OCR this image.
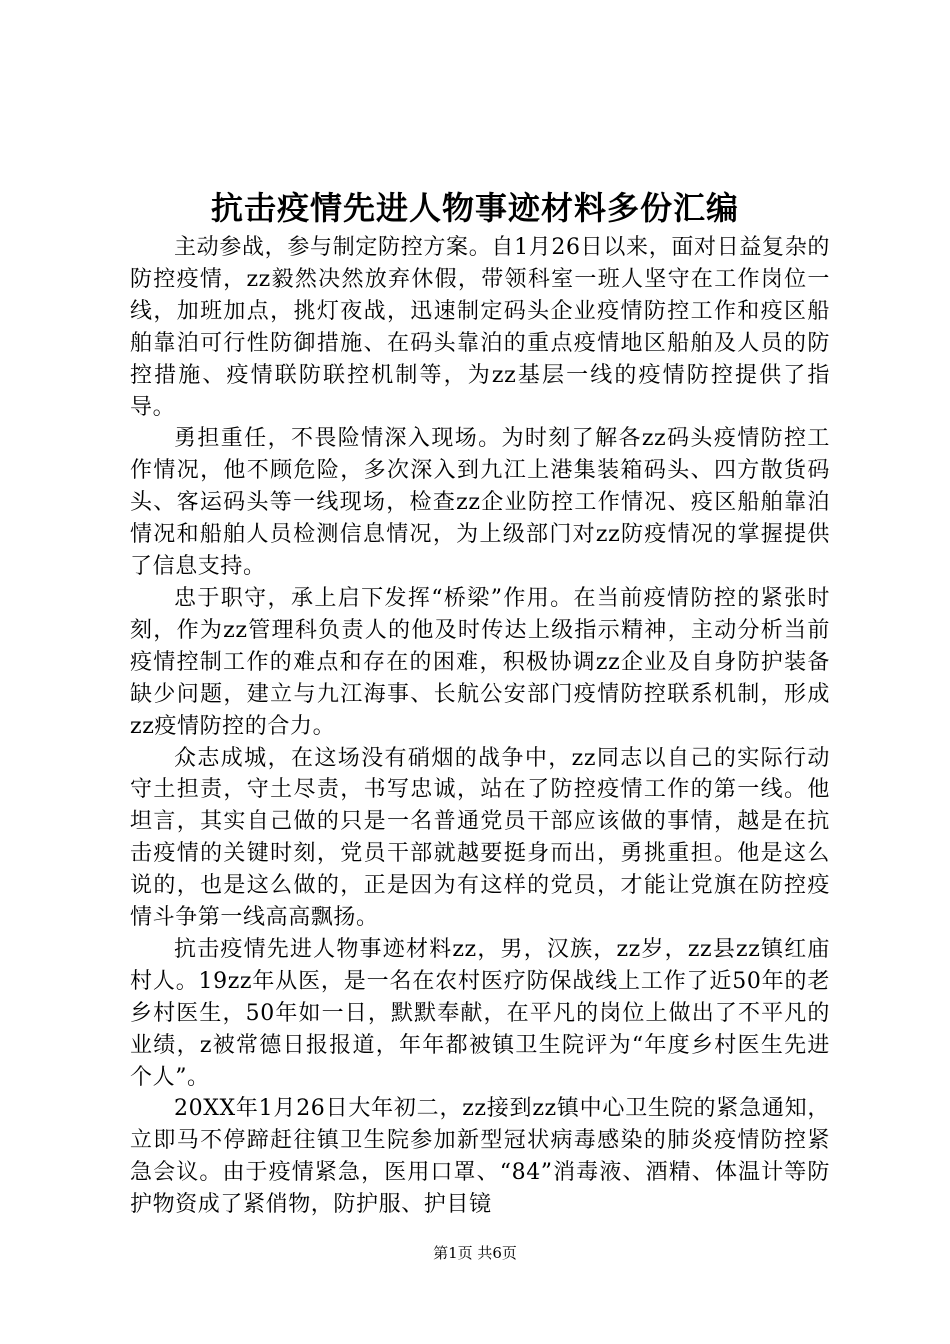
抗击疫情先进人物事迹材料多份汇编

主动参战，参与制定防控方案。自1月26日以来，面对日益复杂的防控疫情，zz毅然决然放弃休假，带领科室一班人坚守在工作岗位一线，加班加点，挑灯夜战，迅速制定码头企业疫情防控工作和疫区船舶靠泊可行性防御措施、在码头靠泊的重点疫情地区船舶及人员的防控措施、疫情联防联控机制等，为zz基层一线的疫情防控提供了指导。

勇担重任，不畏险情深入现场。为时刻了解各zz码头疫情防控工作情况，他不顾危险，多次深入到九江上港集装箱码头、四方散货码头、客运码头等一线现场，检查zz企业防控工作情况、疫区船舶靠泊情况和船舶人员检测信息情况，为上级部门对zz防疫情况的掌握提供了信息支持。

忠于职守，承上启下发挥“桥梁”作用。在当前疫情防控的紧张时刻，作为zz管理科负责人的他及时传达上级指示精神，主动分析当前疫情控制工作的难点和存在的困难，积极协调zz企业及自身防护装备缺少问题，建立与九江海事、长航公安部门疫情防控联系机制，形成zz疫情防控的合力。

众志成城，在这场没有硝烟的战争中，zz同志以自己的实际行动守土担责，守土尽责，书写忠诚，站在了防控疫情工作的第一线。他坦言，其实自己做的只是一名普通党员干部应该做的事情，越是在抗击疫情的关键时刻，党员干部就越要挺身而出，勇挑重担。他是这么说的，也是这么做的，正是因为有这样的党员，才能让党旗在防控疫情斗争第一线高高飘扬。

抗击疫情先进人物事迹材料zz，男，汉族，zz岁，zz县zz镇红庙村人。19zz年从医，是一名在农村医疗防保战线上工作了近50年的老乡村医生，50年如一日，默默奉献，在平凡的岗位上做出了不平凡的业绩，z被常德日报报道，年年都被镇卫生院评为“年度乡村医生先进个人”。

20XX年1月26日大年初二，zz接到zz镇中心卫生院的紧急通知，立即马不停蹄赶往镇卫生院参加新型冠状病毒感染的肺炎疫情防控紧急会议。由于疫情紧急，医用口罩、“84”消毒液、酒精、体温计等防护物资成了紧俏物，防护服、护目镜

第1页 共6页
